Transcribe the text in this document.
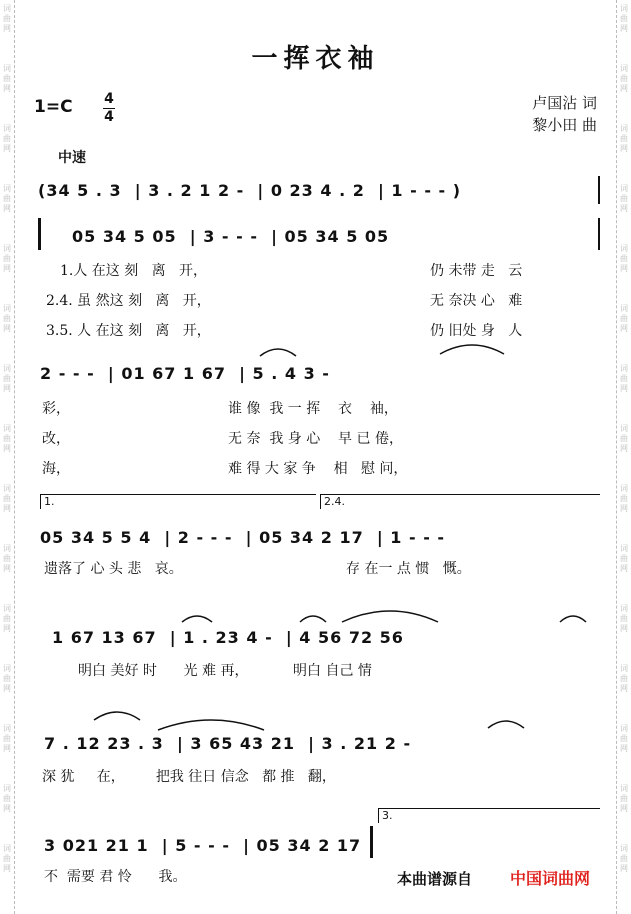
词
曲
网
词
曲
网
词
曲
网
词
曲
网
词
曲
网
词
曲
网
词
曲
网
词
曲
网
词
曲
网
词
曲
网
词
曲
网
词
曲
网
词
曲
网
词
曲
网
词
曲
网
词
曲
网
词
曲
网
词
曲
网
词
曲
网
词
曲
网
词
曲
网
词
曲
网
词
曲
网
词
曲
网
词
曲
网
词
曲
网
词
曲
网
词
曲
网
词
曲
网
词
曲
网
一挥衣袖
1=C 4
4
卢国沾 词
黎小田 曲
中速
(34 5 . 3  | 3 . 2 1 2 -  | 0 23 4 . 2  | 1 - - - )
05 34 5 05  | 3 - - -  | 05 34 5 05
1.人 在这 刻   离   开，	仍 未带 走   云
2.4. 虽 然这 刻   离   开，	无 奈决 心   难
3.5. 人 在这 刻   离   开，	仍 旧处 身   人
2 - - -  | 01 67 1 67  | 5 . 4 3 -
彩，	谁 像  我 一 挥    衣    袖，
改，	无 奈  我 身 心    早 已 倦，
海，	难 得 大 家 争    相   慰 问，
1.	2.4.
05 34 5 5 4  | 2 - - -  | 05 34 2 17  | 1 - - -
遗落了 心 头 悲   哀。	存 在一 点 惯   慨。
1 67 13 67  | 1 . 23 4 -  | 4 56 72 56
明白 美好 时      光 难 再，          明白 自己 情
7 . 12 23 . 3  | 3 65 43 21  | 3 . 21 2 -
深 犹     在，       把我 往日 信念   都 推   翻，
3.
3 021 21 1  | 5 - - -  | 05 34 2 17
不  需要 君 怜      我。	本曲谱源自 中国词曲网
